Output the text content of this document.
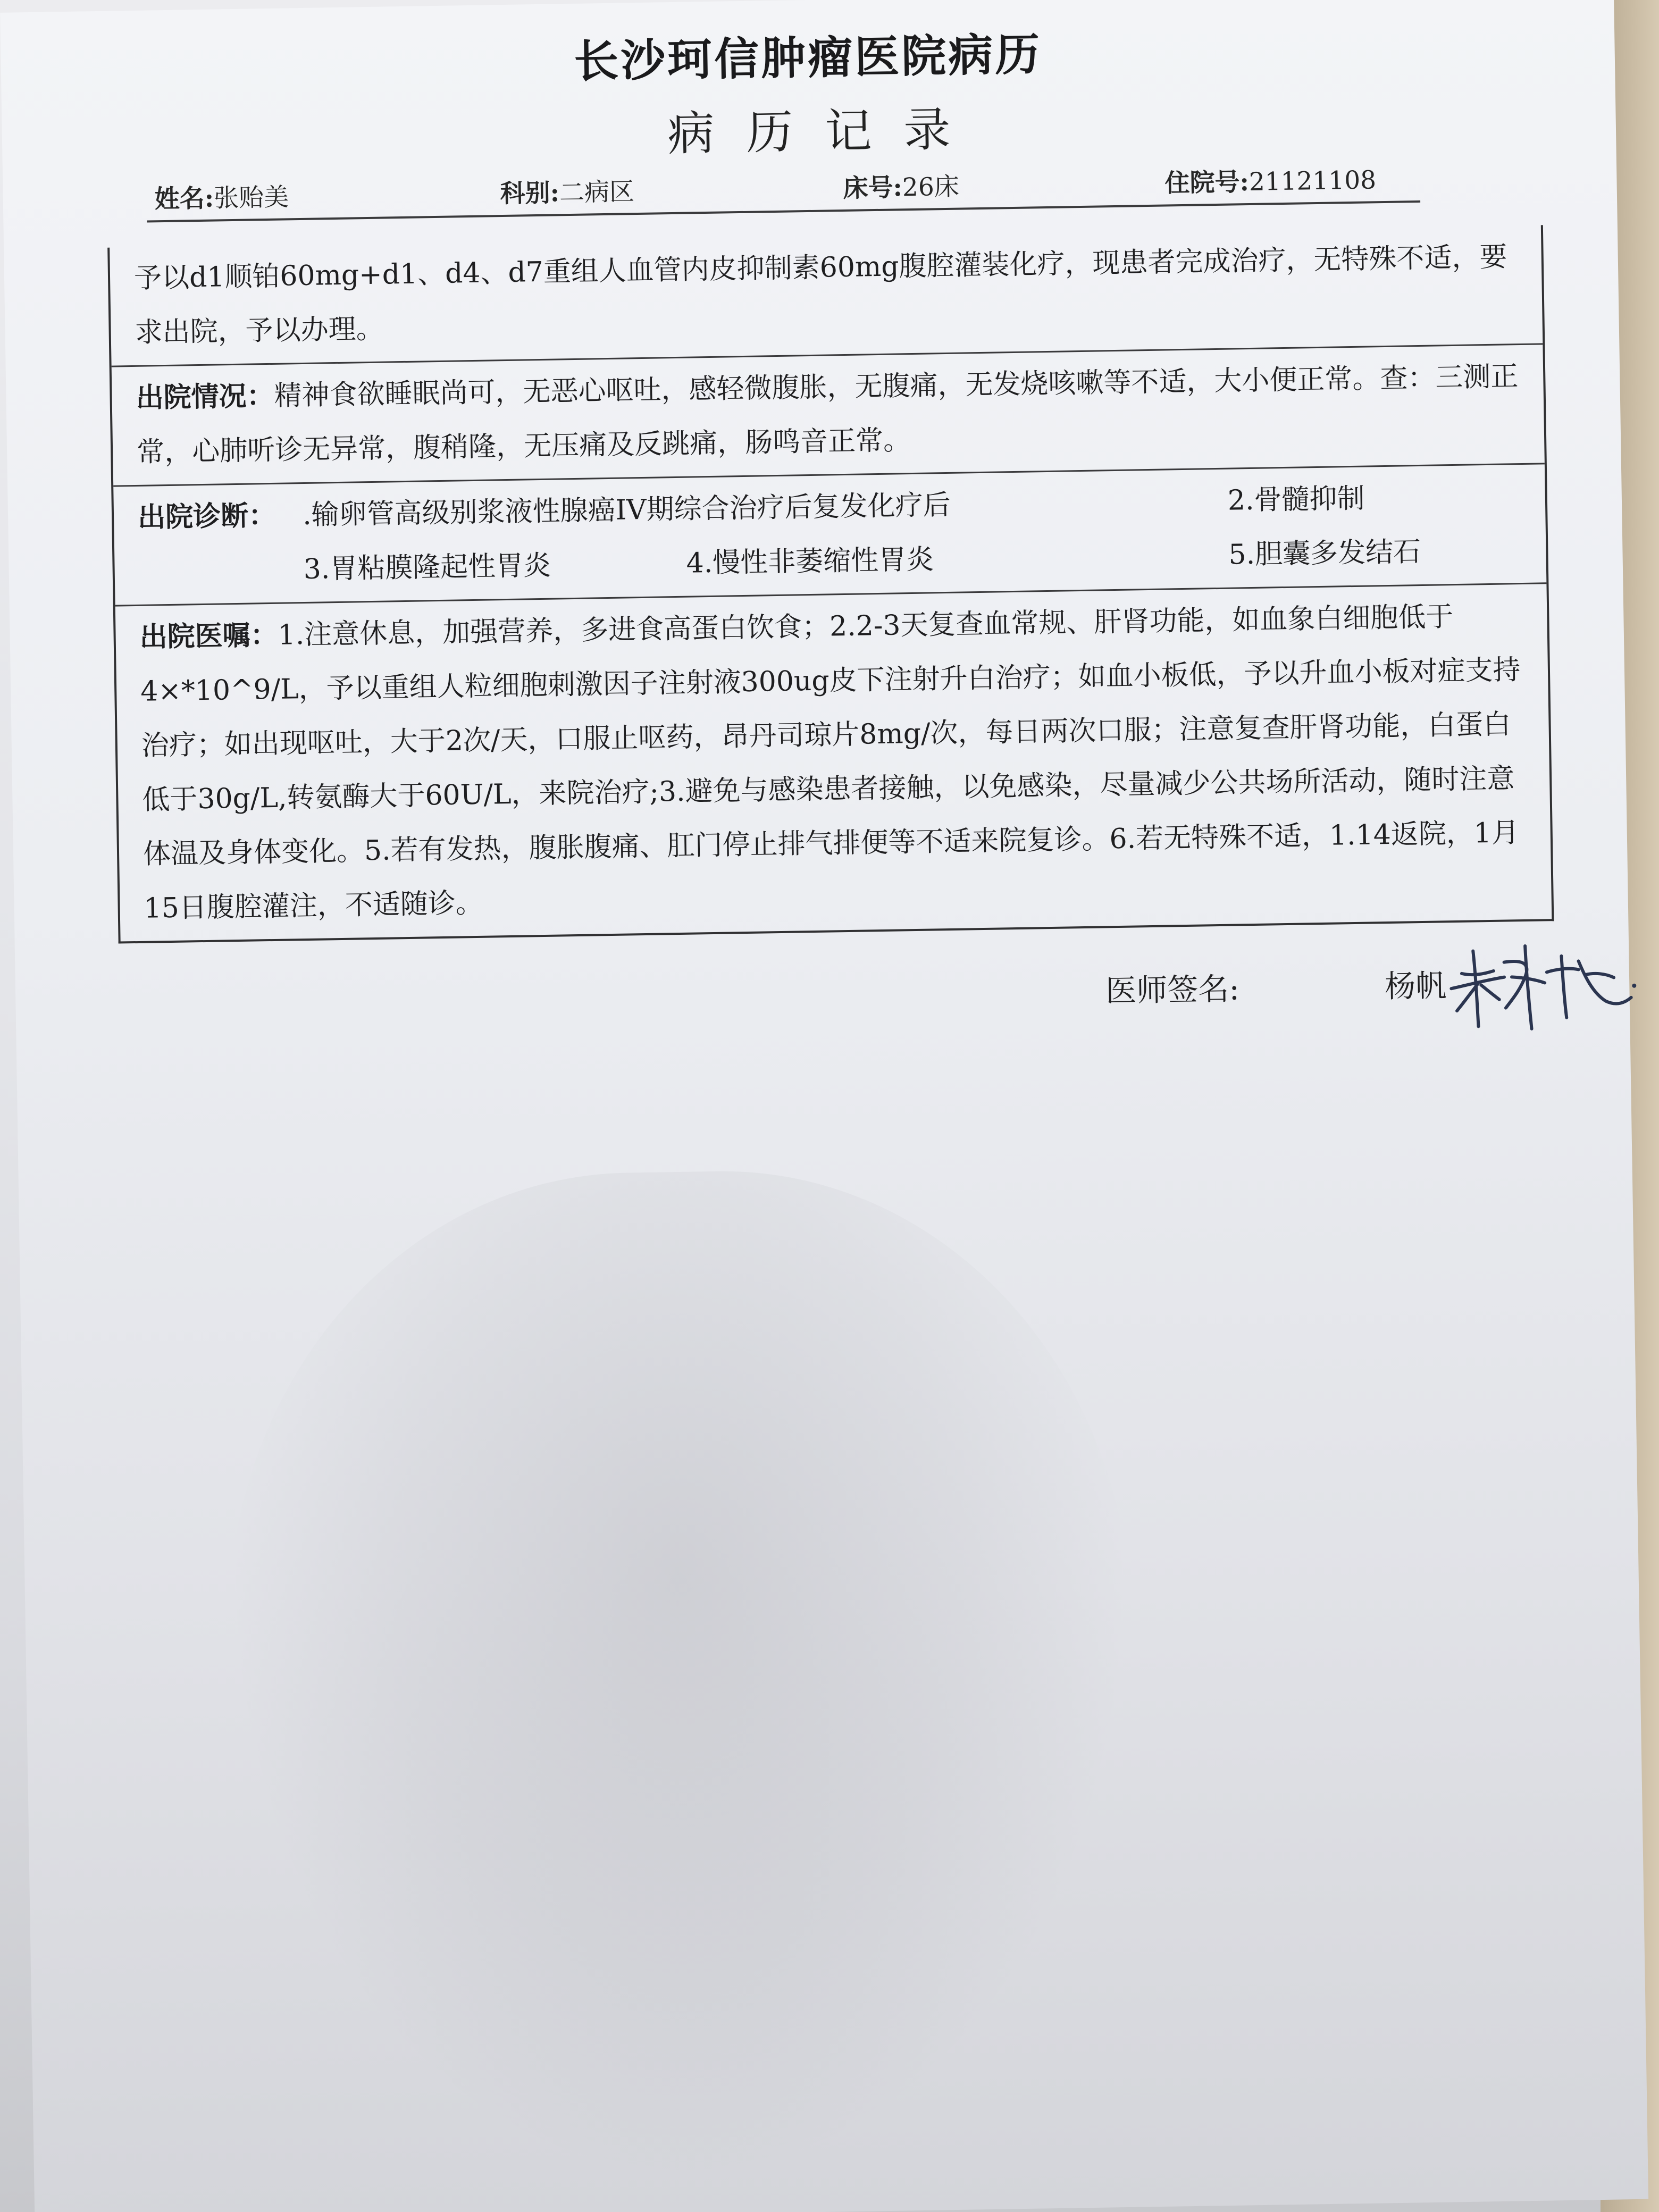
长沙珂信肿瘤医院病历
病历记录
姓名:张贻美	科别:二病区	床号:26床	住院号:21121108
予以d1顺铂60mg+d1、d4、d7重组人血管内皮抑制素60mg腹腔灌装化疗，现患者完成治疗，无特殊不适，要求出院，予以办理。
出院情况：精神食欲睡眠尚可，无恶心呕吐，感轻微腹胀，无腹痛，无发烧咳嗽等不适，大小便正常。查：三测正常，心肺听诊无异常，腹稍隆，无压痛及反跳痛，肠鸣音正常。
出院诊断： .输卵管高级别浆液性腺癌IV期综合治疗后复发化疗后	2.骨髓抑制
3.胃粘膜隆起性胃炎	4.慢性非萎缩性胃炎	5.胆囊多发结石
出院医嘱：1.注意休息，加强营养，多进食高蛋白饮食；2.2-3天复查血常规、肝肾功能，如血象白细胞低于4×*10^9/L，予以重组人粒细胞刺激因子注射液300ug皮下注射升白治疗；如血小板低，予以升血小板对症支持治疗；如出现呕吐，大于2次/天，口服止呕药，昂丹司琼片8mg/次，每日两次口服；注意复查肝肾功能，白蛋白低于30g/L,转氨酶大于60U/L，来院治疗;3.避免与感染患者接触，以免感染，尽量减少公共场所活动，随时注意体温及身体变化。5.若有发热，腹胀腹痛、肛门停止排气排便等不适来院复诊。6.若无特殊不适，1.14返院，1月15日腹腔灌注，不适随诊。
医师签名:	杨帆
